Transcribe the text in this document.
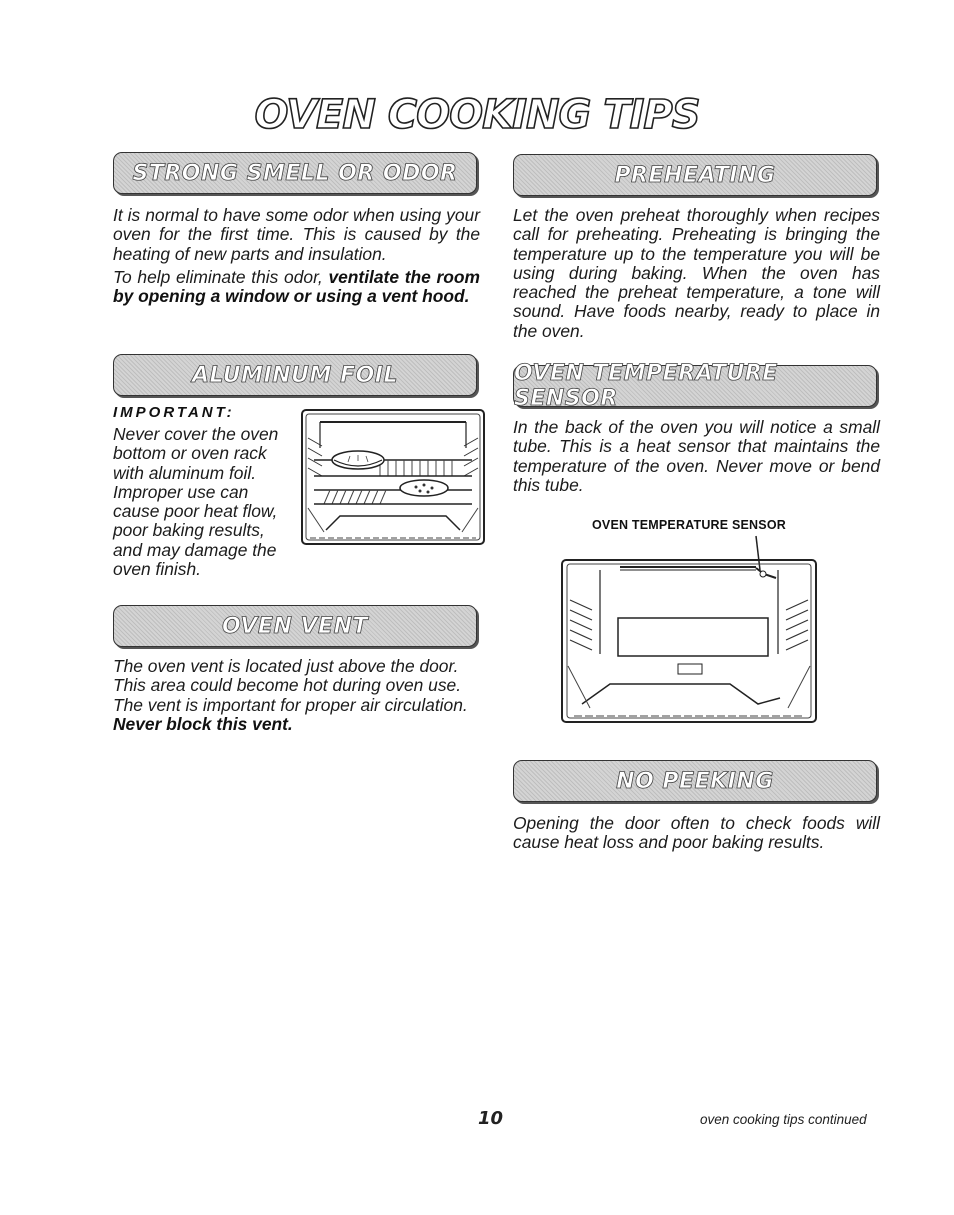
OVEN COOKING TIPS
STRONG SMELL OR ODOR
It is normal to have some odor when using your oven for the first time. This is caused by the heating of new parts and insulation.
To help eliminate this odor, ventilate the room by opening a window or using a vent hood.
ALUMINUM FOIL
IMPORTANT:
Never cover the oven bottom or oven rack with aluminum foil. Improper use can cause poor heat flow, poor baking results, and may damage the oven finish.
OVEN VENT
The oven vent is located just above the door. This area could become hot during oven use. The vent is important for proper air circulation. Never block this vent.
PREHEATING
Let the oven preheat thoroughly when recipes call for preheating. Preheating is bringing the temperature up to the temperature you will be using during baking. When the oven has reached the preheat temperature, a tone will sound. Have foods nearby, ready to place in the oven.
OVEN TEMPERATURE SENSOR
In the back of the oven you will notice a small tube. This is a heat sensor that maintains the temperature of the oven. Never move or bend this tube.
OVEN TEMPERATURE SENSOR
NO PEEKING
Opening the door often to check foods will cause heat loss and poor baking results.
10	oven cooking tips continued
